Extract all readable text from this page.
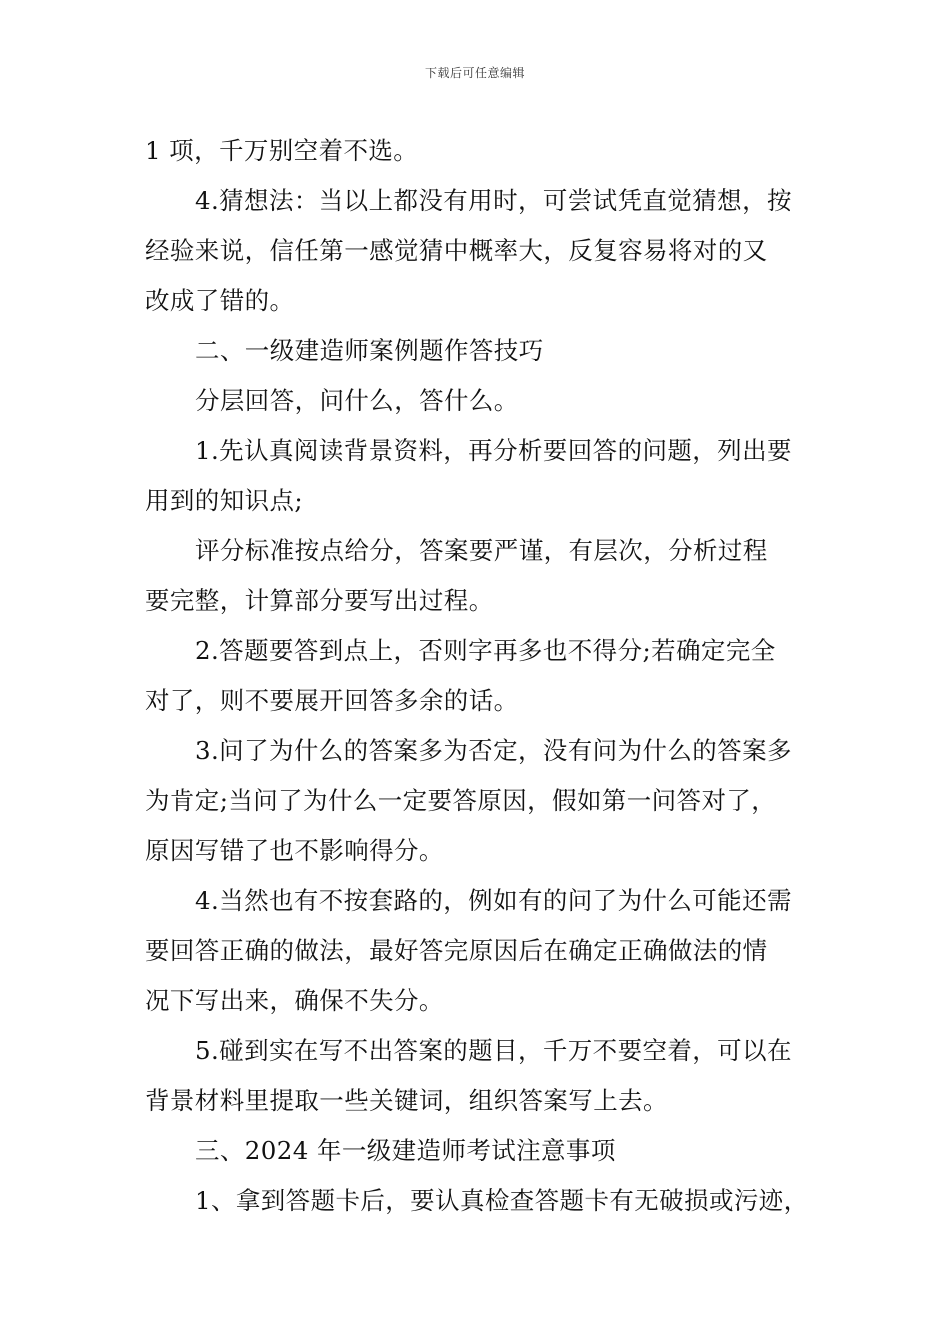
下载后可任意编辑
1 项，千万别空着不选。
4.猜想法：当以上都没有用时，可尝试凭直觉猜想，按
经验来说，信任第一感觉猜中概率大，反复容易将对的又
改成了错的。
二、一级建造师案例题作答技巧
分层回答，问什么，答什么。
1.先认真阅读背景资料，再分析要回答的问题，列出要
用到的知识点;
评分标准按点给分，答案要严谨，有层次，分析过程
要完整，计算部分要写出过程。
2.答题要答到点上，否则字再多也不得分;若确定完全
对了，则不要展开回答多余的话。
3.问了为什么的答案多为否定，没有问为什么的答案多
为肯定;当问了为什么一定要答原因，假如第一问答对了，
原因写错了也不影响得分。
4.当然也有不按套路的，例如有的问了为什么可能还需
要回答正确的做法，最好答完原因后在确定正确做法的情
况下写出来，确保不失分。
5.碰到实在写不出答案的题目，千万不要空着，可以在
背景材料里提取一些关键词，组织答案写上去。
三、2024 年一级建造师考试注意事项
1、拿到答题卡后，要认真检查答题卡有无破损或污迹，
